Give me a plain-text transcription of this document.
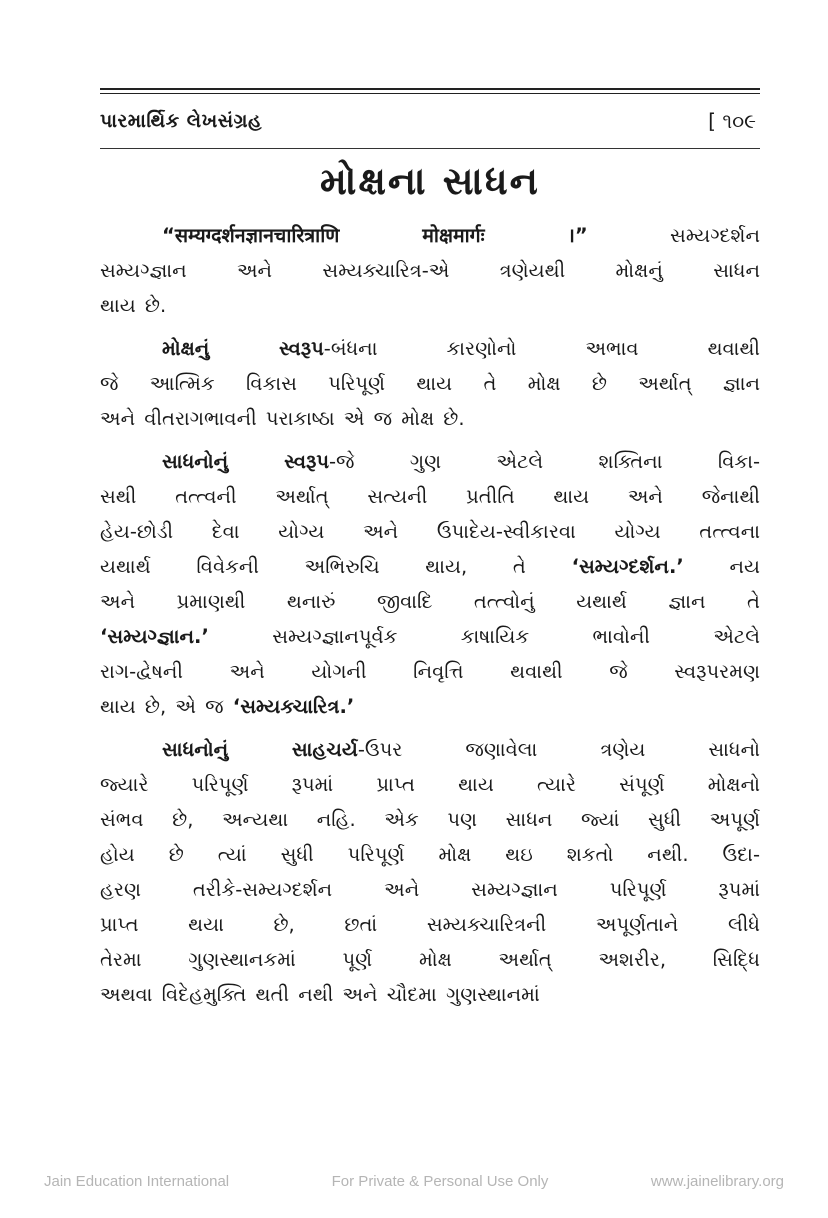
પારમાર્થિક લેખસંગ્રહ	[ ૧૦૯
મોક્ષના સાધન
“सम्यग्दर्शनज्ञानचारित्राणि मोक्षमार्गः ।” સમ્યગ્દર્શન
સમ્યગ્જ્ઞાન અને સમ્યક્ચારિત્ર-એ ત્રણેયથી મોક્ષનું સાધન
થાય છે.
મોક્ષનું સ્વરૂપ-બંધના કારણોનો અભાવ થવાથી
જે આત્મિક વિકાસ પરિપૂર્ણ થાય તે મોક્ષ છે અર્થાત્ જ્ઞાન
અને વીતરાગભાવની પરાકાષ્ઠા એ જ મોક્ષ છે.
સાધનોનું સ્વરૂપ-જે ગુણ એટલે શક્તિના વિકા-
સથી તત્ત્વની અર્થાત્ સત્યની પ્રતીતિ થાય અને જેનાથી
હેય-છોડી દેવા યોગ્ય અને ઉપાદેય-સ્વીકારવા યોગ્ય તત્ત્વના
યથાર્થ વિવેકની અભિરુચિ થાય, તે ‘સમ્યગ્દર્શન.’ નય
અને પ્રમાણથી થનારું જીવાદિ તત્ત્વોનું યથાર્થ જ્ઞાન તે
‘સમ્યગ્જ્ઞાન.’ સમ્યગ્જ્ઞાનપૂર્વક કાષાયિક ભાવોની એટલે
રાગ-દ્વેષની અને યોગની નિવૃત્તિ થવાથી જે સ્વરૂપરમણ
થાય છે, એ જ ‘સમ્યક્ચારિત્ર.’
સાધનોનું સાહચર્ય-ઉપર જણાવેલા ત્રણેય સાધનો
જ્યારે પરિપૂર્ણ રૂપમાં પ્રાપ્ત થાય ત્યારે સંપૂર્ણ મોક્ષનો
સંભવ છે, અન્યથા નહિ. એક પણ સાધન જ્યાં સુધી અપૂર્ણ
હોય છે ત્યાં સુધી પરિપૂર્ણ મોક્ષ થઇ શકતો નથી. ઉદા-
હરણ તરીકે-સમ્યગ્દર્શન અને સમ્યગ્જ્ઞાન પરિપૂર્ણ રૂપમાં
પ્રાપ્ત થયા છે, છતાં સમ્યક્ચારિત્રની અપૂર્ણતાને લીધે
તેરમા ગુણસ્થાનકમાં પૂર્ણ મોક્ષ અર્થાત્ અશરીર, સિદ્ધિ
અથવા વિદેહમુક્તિ થતી નથી અને ચૌદમા ગુણસ્થાનમાં
Jain Education International	For Private & Personal Use Only	www.jainelibrary.org
